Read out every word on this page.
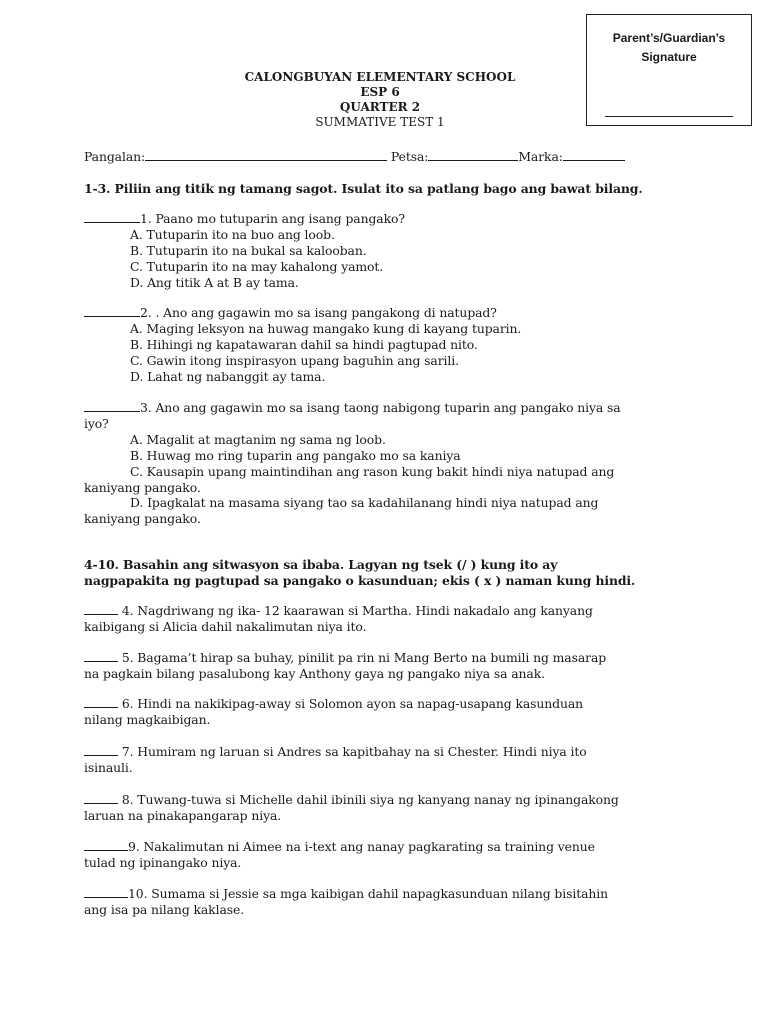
Parent’s/Guardian’s
Signature
CALONGBUYAN ELEMENTARY SCHOOL
ESP 6
QUARTER 2
SUMMATIVE TEST 1
Pangalan:	Petsa:	Marka:
1-3. Piliin ang titik ng tamang sagot. Isulat ito sa patlang bago ang bawat bilang.
1. Paano mo tutuparin ang isang pangako?
A. Tutuparin ito na buo ang loob.
B. Tutuparin ito na bukal sa kalooban.
C. Tutuparin ito na may kahalong yamot.
D. Ang titik A at B ay tama.
2. . Ano ang gagawin mo sa isang pangakong di natupad?
A. Maging leksyon na huwag mangako kung di kayang tuparin.
B. Hihingi ng kapatawaran dahil sa hindi pagtupad nito.
C. Gawin itong inspirasyon upang baguhin ang sarili.
D. Lahat ng nabanggit ay tama.
3. Ano ang gagawin mo sa isang taong nabigong tuparin ang pangako niya sa
iyo?
A. Magalit at magtanim ng sama ng loob.
B. Huwag mo ring tuparin ang pangako mo sa kaniya
C. Kausapin upang maintindihan ang rason kung bakit hindi niya natupad ang
kaniyang pangako.
D. Ipagkalat na masama siyang tao sa kadahilanang hindi niya natupad ang
kaniyang pangako.
4-10. Basahin ang sitwasyon sa ibaba. Lagyan ng tsek (/ ) kung ito ay
nagpapakita ng pagtupad sa pangako o kasunduan; ekis ( x ) naman kung hindi.
4. Nagdriwang ng ika- 12 kaarawan si Martha. Hindi nakadalo ang kanyang
kaibigang si Alicia dahil nakalimutan niya ito.
5. Bagama’t hirap sa buhay, pinilit pa rin ni Mang Berto na bumili ng masarap
na pagkain bilang pasalubong kay Anthony gaya ng pangako niya sa anak.
6. Hindi na nakikipag-away si Solomon ayon sa napag-usapang kasunduan
nilang magkaibigan.
7. Humiram ng laruan si Andres sa kapitbahay na si Chester. Hindi niya ito
isinauli.
8. Tuwang-tuwa si Michelle dahil ibinili siya ng kanyang nanay ng ipinangakong
laruan na pinakapangarap niya.
9. Nakalimutan ni Aimee na i-text ang nanay pagkarating sa training venue
tulad ng ipinangako niya.
10. Sumama si Jessie sa mga kaibigan dahil napagkasunduan nilang bisitahin
ang isa pa nilang kaklase.
